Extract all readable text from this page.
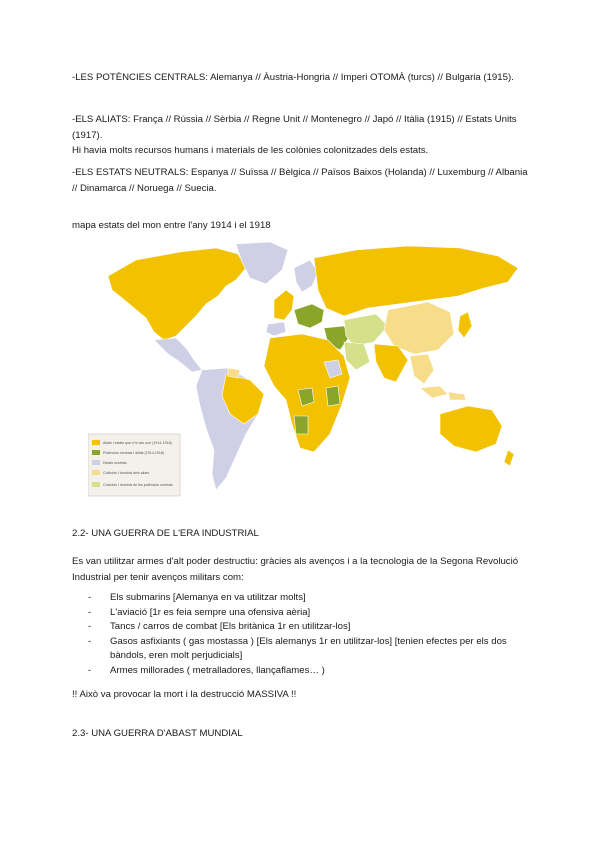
-LES POTÈNCIES CENTRALS: Alemanya // Àustria-Hongria // Imperi OTOMÀ (turcs) // Bulgaria (1915).

-ELS ALIATS: França // Rússia // Sèrbia // Regne Unit // Montenegro // Japó // Itàlia (1915) // Estats Units (1917).
Hi havia molts recursos humans i materials de les colònies colonitzades dels estats.

-ELS ESTATS NEUTRALS: Espanya // Suïssa // Bèlgica // Països Baixos (Holanda) // Luxemburg // Albania // Dinamarca // Noruega // Suecia.

mapa estats del mon entre l'any 1914 i el 1918

Aliats i estats que s'hi van unir (1914-1918)
Potències centrals i aliats (1914-1918)
Estats neutrals
Colònies i dominis dels aliats
Colònies i dominis de les potències centrals

2.2- UNA GUERRA DE L'ERA INDUSTRIAL

Es van utilitzar armes d'alt poder destructiu: gràcies als avenços i a la tecnologia de la Segona Revolució Industrial per tenir avenços militars com:

- Els submarins [Alemanya en va utilitzar molts]
- L'aviació [1r es feia sempre una ofensiva aèria]
- Tancs / carros de combat [Els britànica 1r en utilitzar-los]
- Gasos asfixiants ( gas mostassa ) [Els alemanys 1r en utilitzar-los] [tenien efectes per els dos bàndols, eren molt perjudicials]
- Armes millorades ( metralladores, llançaflames… )

!! Això va provocar la mort i la destrucció MASSIVA !!

2.3- UNA GUERRA D'ABAST MUNDIAL
